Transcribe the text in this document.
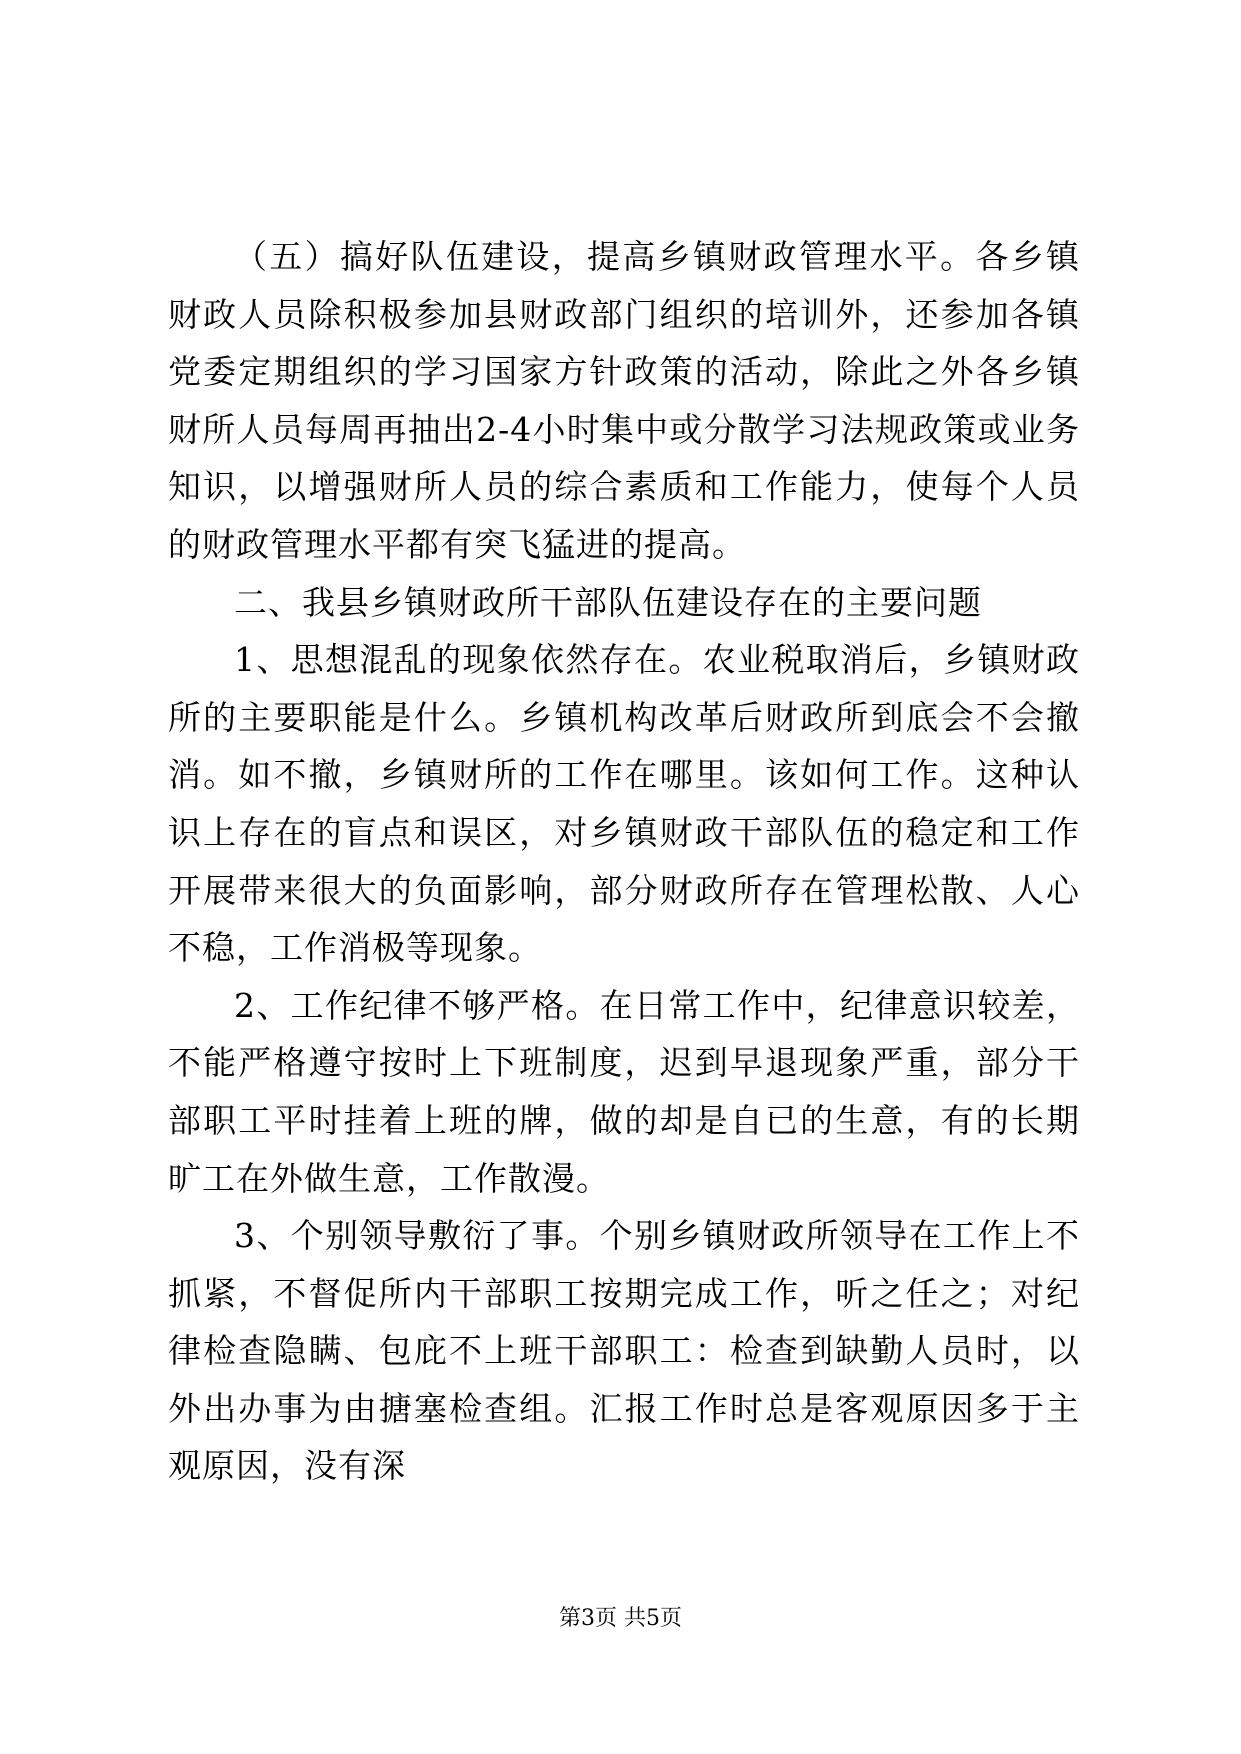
（五）搞好队伍建设，提高乡镇财政管理水平。各乡镇财政人员除积极参加县财政部门组织的培训外，还参加各镇党委定期组织的学习国家方针政策的活动，除此之外各乡镇财所人员每周再抽出2-4小时集中或分散学习法规政策或业务知识，以增强财所人员的综合素质和工作能力，使每个人员的财政管理水平都有突飞猛进的提高。

二、我县乡镇财政所干部队伍建设存在的主要问题

1、思想混乱的现象依然存在。农业税取消后，乡镇财政所的主要职能是什么。乡镇机构改革后财政所到底会不会撤消。如不撤，乡镇财所的工作在哪里。该如何工作。这种认识上存在的盲点和误区，对乡镇财政干部队伍的稳定和工作开展带来很大的负面影响，部分财政所存在管理松散、人心不稳，工作消极等现象。

2、工作纪律不够严格。在日常工作中，纪律意识较差，不能严格遵守按时上下班制度，迟到早退现象严重，部分干部职工平时挂着上班的牌，做的却是自已的生意，有的长期旷工在外做生意，工作散漫。

3、个别领导敷衍了事。个别乡镇财政所领导在工作上不抓紧，不督促所内干部职工按期完成工作，听之任之；对纪律检查隐瞒、包庇不上班干部职工：检查到缺勤人员时，以外出办事为由搪塞检查组。汇报工作时总是客观原因多于主观原因，没有深

第3页 共5页
